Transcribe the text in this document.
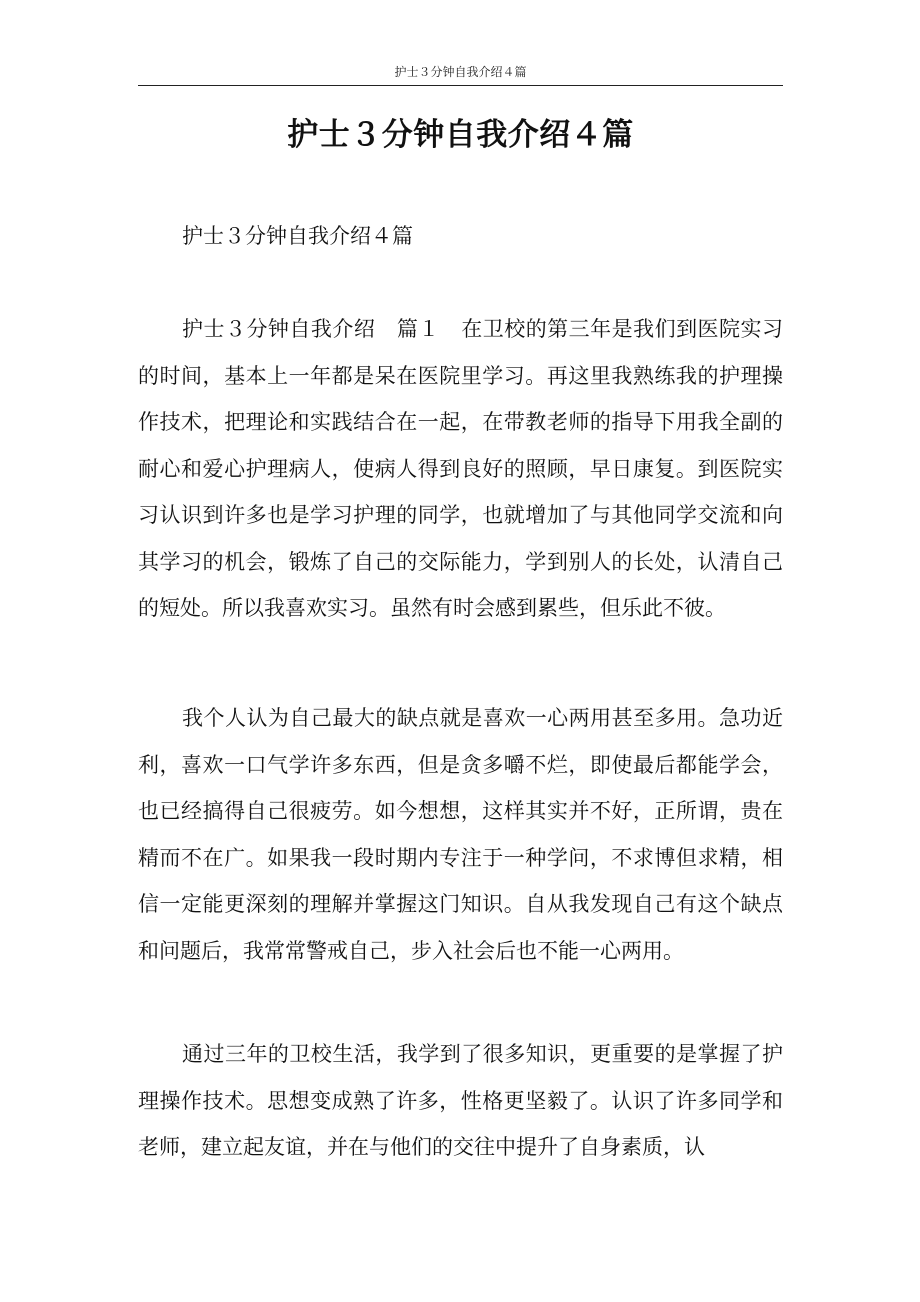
护士３分钟自我介绍４篇
护士３分钟自我介绍４篇

护士３分钟自我介绍４篇

护士３分钟自我介绍　篇１　在卫校的第三年是我们到医院实习的时间，基本上一年都是呆在医院里学习。再这里我熟练我的护理操作技术，把理论和实践结合在一起，在带教老师的指导下用我全副的耐心和爱心护理病人，使病人得到良好的照顾，早日康复。到医院实习认识到许多也是学习护理的同学，也就增加了与其他同学交流和向其学习的机会，锻炼了自己的交际能力，学到别人的长处，认清自己的短处。所以我喜欢实习。虽然有时会感到累些，但乐此不彼。

我个人认为自己最大的缺点就是喜欢一心两用甚至多用。急功近利，喜欢一口气学许多东西，但是贪多嚼不烂，即使最后都能学会，也已经搞得自己很疲劳。如今想想，这样其实并不好，正所谓，贵在精而不在广。如果我一段时期内专注于一种学问，不求博但求精，相信一定能更深刻的理解并掌握这门知识。自从我发现自己有这个缺点和问题后，我常常警戒自己，步入社会后也不能一心两用。

通过三年的卫校生活，我学到了很多知识，更重要的是掌握了护理操作技术。思想变成熟了许多，性格更坚毅了。认识了许多同学和老师，建立起友谊，并在与他们的交往中提升了自身素质，认
